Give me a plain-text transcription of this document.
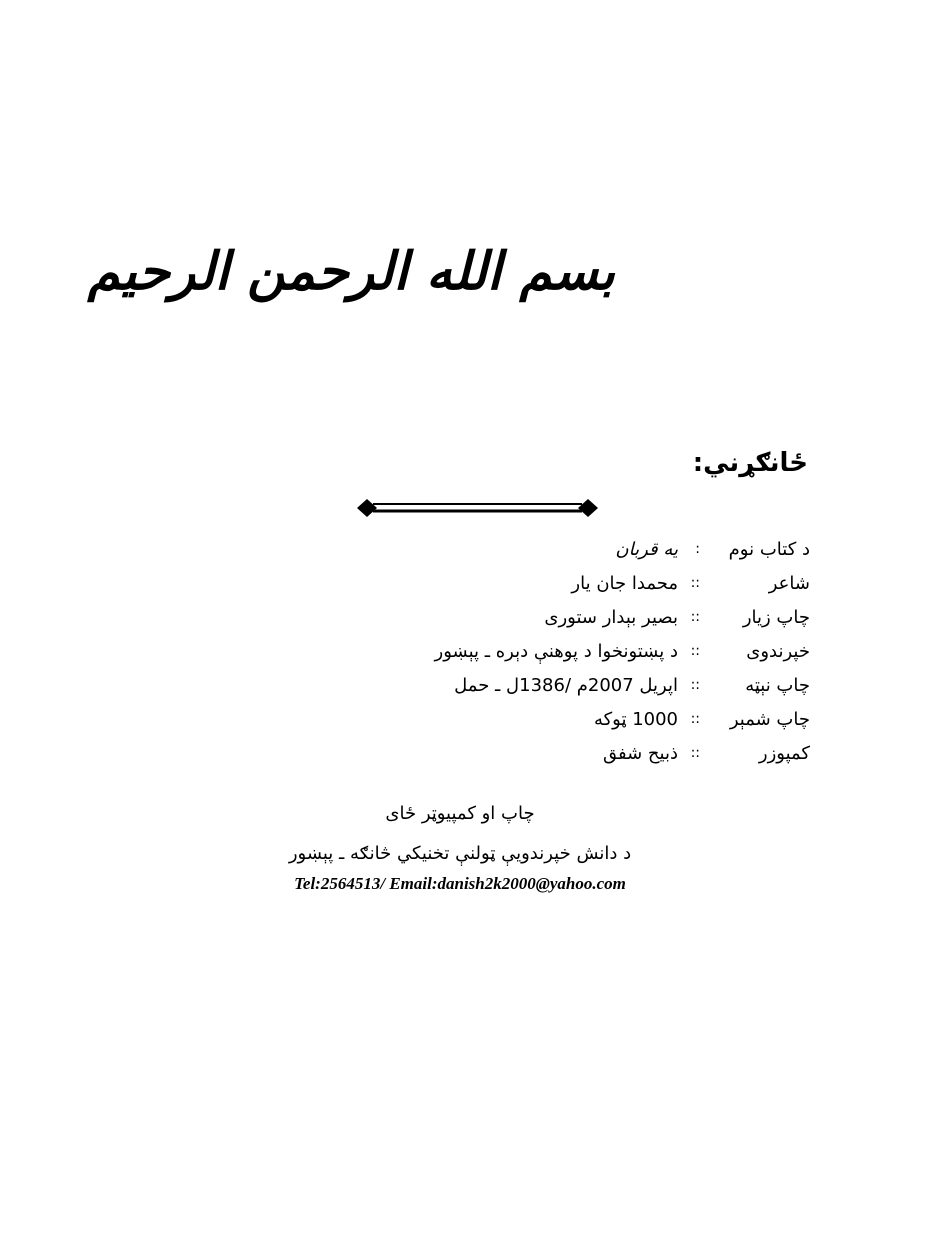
بسم الله الرحمن الرحيم
ځانګړني:
د کتاب نوم
:
یه قربان
شاعر
::
محمدا جان یار
چاپ زیار
::
بصیر بېدار ستوری
خپرندوی
::
د پښتونخوا د پوهنې دېره ـ پېښور
چاپ نېټه
::
اپریل 2007م /1386ل ـ حمل
چاپ شمېر
::
1000 ټوکه
کمپوزر
::
ذبیح شفق
چاپ او کمپیوټر ځای
د دانش خپرندویې ټولنې تخنیکي څانګه ـ پېښور
Tel:2564513/ Email:danish2k2000@yahoo.com
